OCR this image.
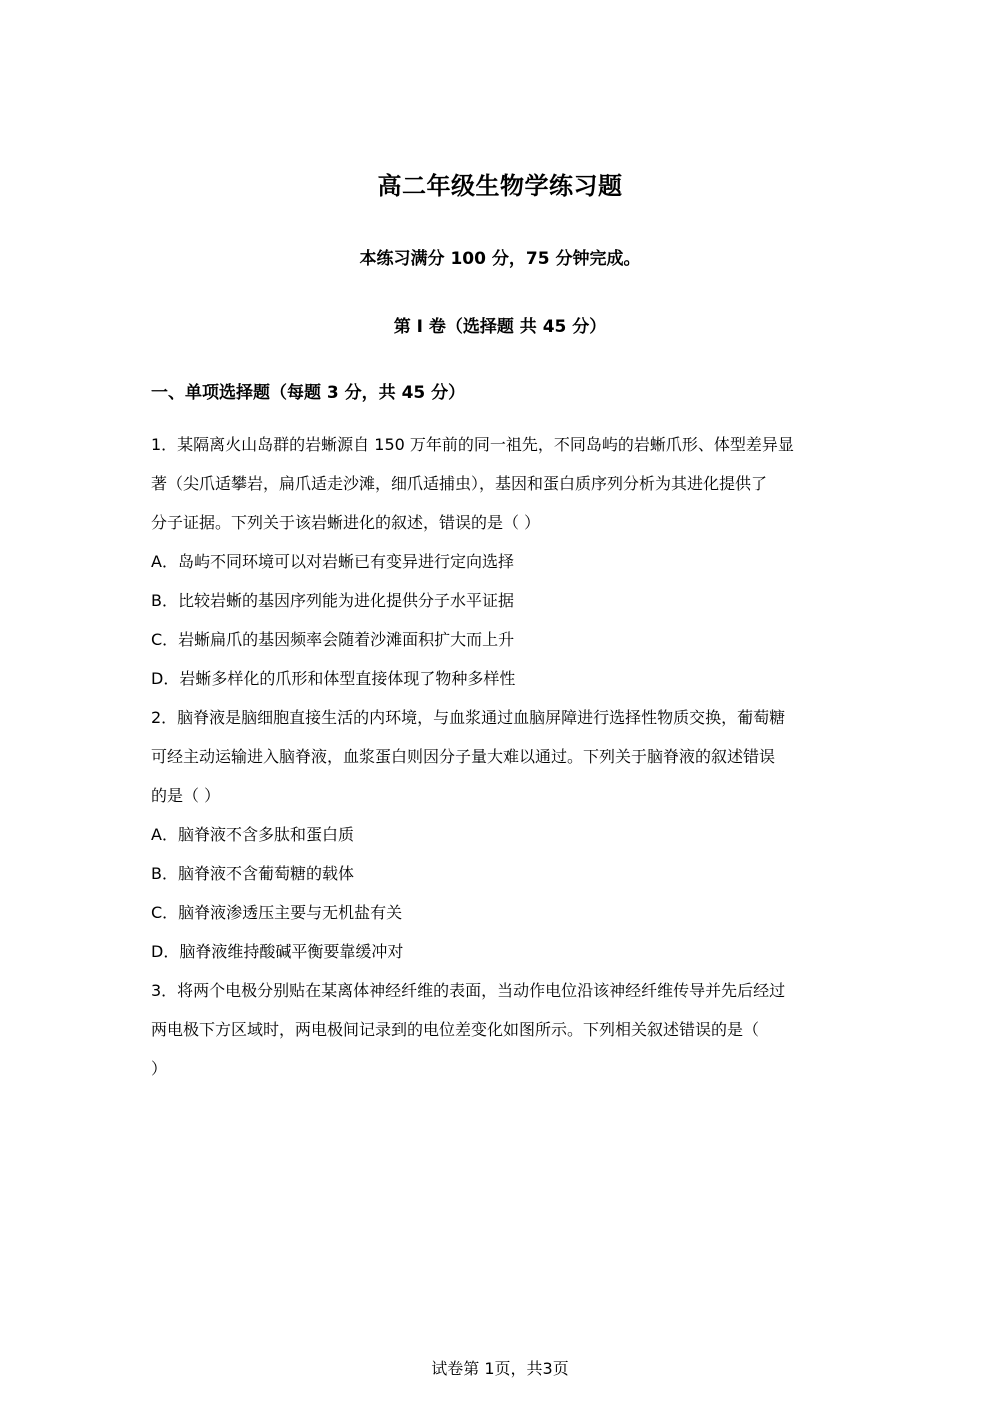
高二年级生物学练习题
本练习满分 100 分，75 分钟完成。
第 I 卷（选择题 共 45 分）
一、单项选择题（每题 3 分，共 45 分）
1．某隔离火山岛群的岩蜥源自 150 万年前的同一祖先，不同岛屿的岩蜥爪形、体型差异显
著（尖爪适攀岩，扁爪适走沙滩，细爪适捕虫），基因和蛋白质序列分析为其进化提供了
分子证据。下列关于该岩蜥进化的叙述，错误的是（ ）
A．岛屿不同环境可以对岩蜥已有变异进行定向选择
B．比较岩蜥的基因序列能为进化提供分子水平证据
C．岩蜥扁爪的基因频率会随着沙滩面积扩大而上升
D．岩蜥多样化的爪形和体型直接体现了物种多样性
2．脑脊液是脑细胞直接生活的内环境，与血浆通过血脑屏障进行选择性物质交换，葡萄糖
可经主动运输进入脑脊液，血浆蛋白则因分子量大难以通过。下列关于脑脊液的叙述错误
的是（ ）
A．脑脊液不含多肽和蛋白质
B．脑脊液不含葡萄糖的载体
C．脑脊液渗透压主要与无机盐有关
D．脑脊液维持酸碱平衡要靠缓冲对
3．将两个电极分别贴在某离体神经纤维的表面，当动作电位沿该神经纤维传导并先后经过
两电极下方区域时，两电极间记录到的电位差变化如图所示。下列相关叙述错误的是（
）
试卷第 1页，共3页
